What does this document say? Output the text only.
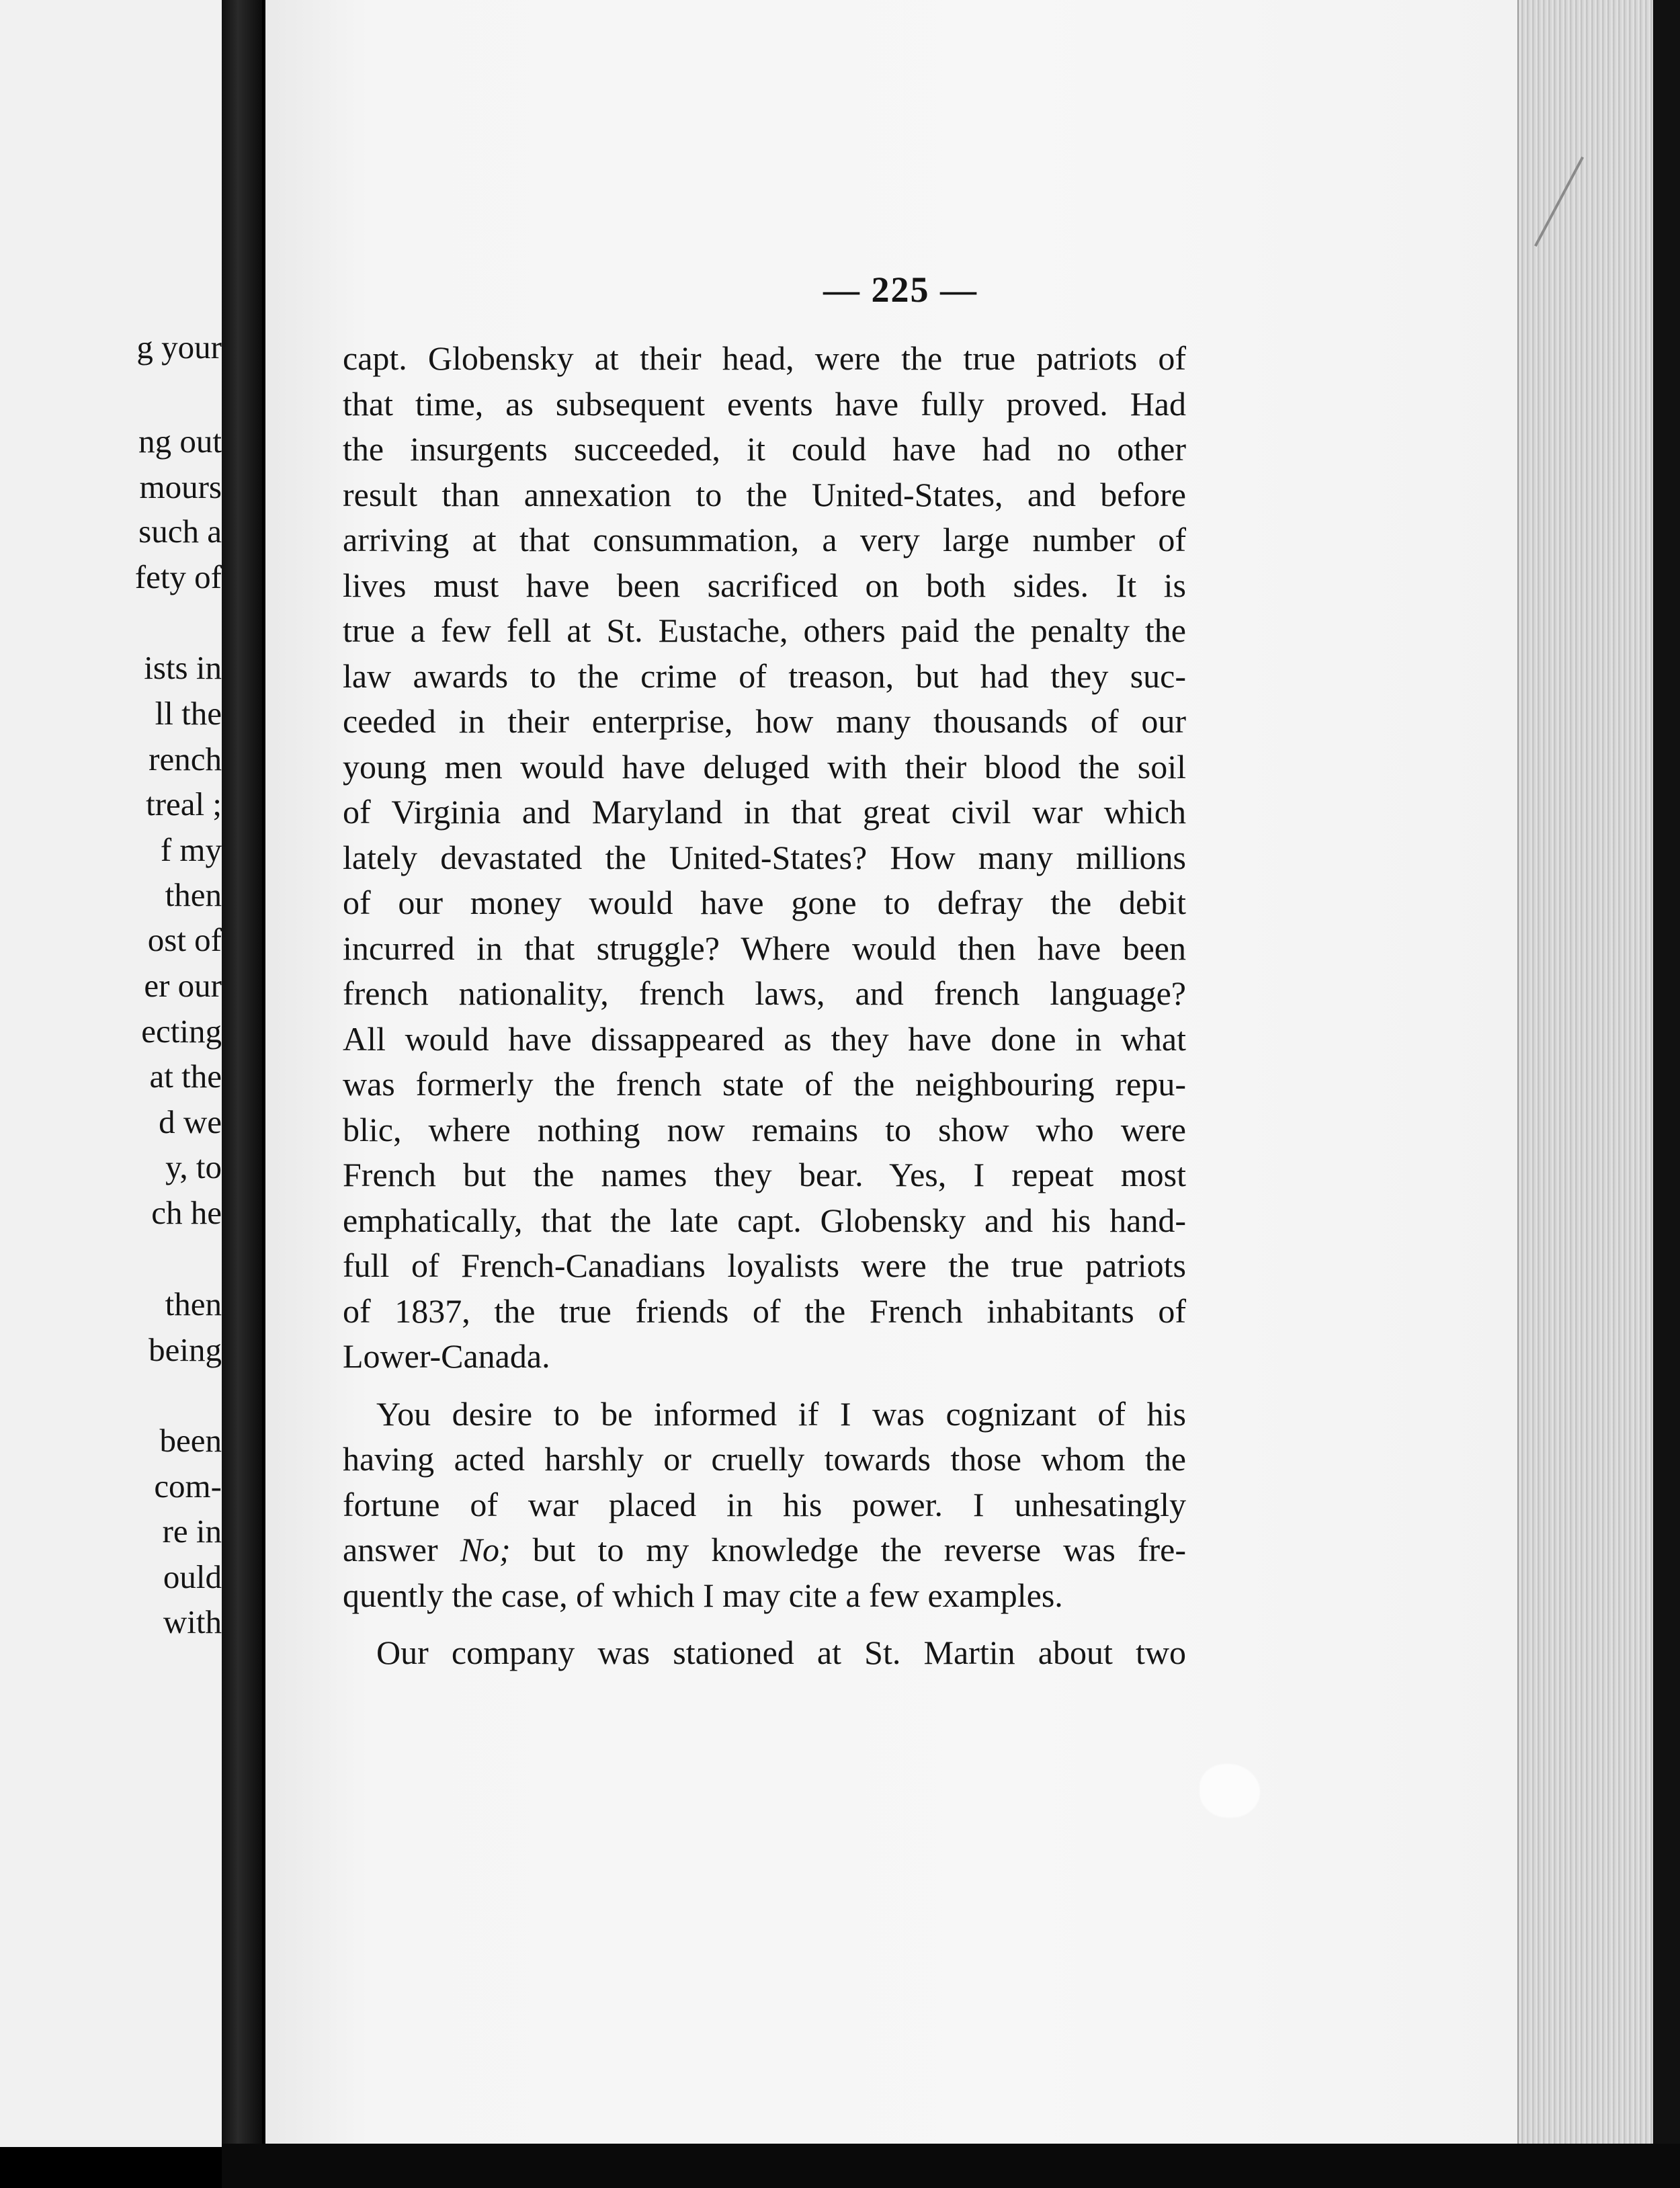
g your
ng out
mours
such a
fety of
ists in
ll the
rench
treal ;
f my
then
ost of
er our
ecting
at the
d we
y, to
ch he
then
being
been
com-
re in
ould
with
— 225 —
capt. Globensky at their head, were the true patriots of
that time, as subsequent events have fully proved. Had
the insurgents succeeded, it could have had no other
result than annexation to the United-States, and before
arriving at that consummation, a very large number of
lives must have been sacrificed on both sides. It is
true a few fell at St. Eustache, others paid the penalty the
law awards to the crime of treason, but had they suc-
ceeded in their enterprise, how many thousands of our
young men would have deluged with their blood the soil
of Virginia and Maryland in that great civil war which
lately devastated the United-States? How many millions
of our money would have gone to defray the debit
incurred in that struggle? Where would then have been
french nationality, french laws, and french language?
All would have dissappeared as they have done in what
was formerly the french state of the neighbouring repu-
blic, where nothing now remains to show who were
French but the names they bear. Yes, I repeat most
emphatically, that the late capt. Globensky and his hand-
full of French-Canadians loyalists were the true patriots
of 1837, the true friends of the French inhabitants of
Lower-Canada.
You desire to be informed if I was cognizant of his
having acted harshly or cruelly towards those whom the
fortune of war placed in his power. I unhesatingly
answer No; but to my knowledge the reverse was fre-
quently the case, of which I may cite a few examples.
Our company was stationed at St. Martin about two
